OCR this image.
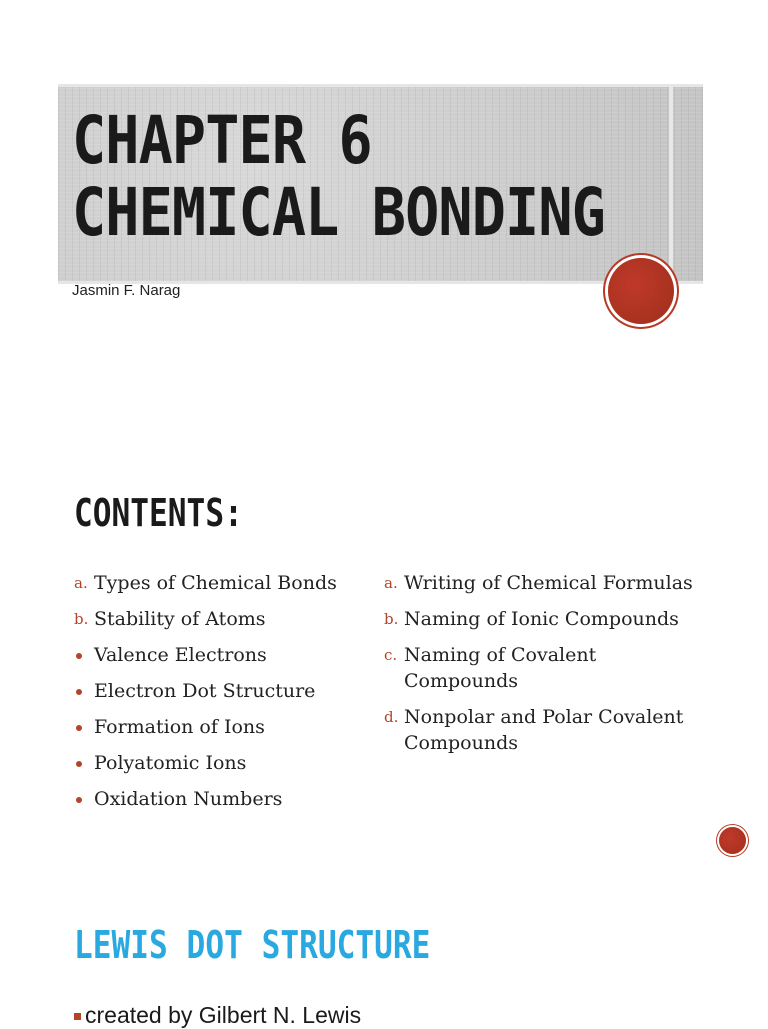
CHAPTER 6
CHEMICAL BONDING
Jasmin F. Narag
CONTENTS:
a. Types of Chemical Bonds
b. Stability of Atoms
Valence Electrons
Electron Dot Structure
Formation of Ions
Polyatomic Ions
Oxidation Numbers
a. Writing of Chemical Formulas
b. Naming of Ionic Compounds
c. Naming of Covalent Compounds
d. Nonpolar and Polar Covalent Compounds
LEWIS DOT STRUCTURE
created by Gilbert N. Lewis
